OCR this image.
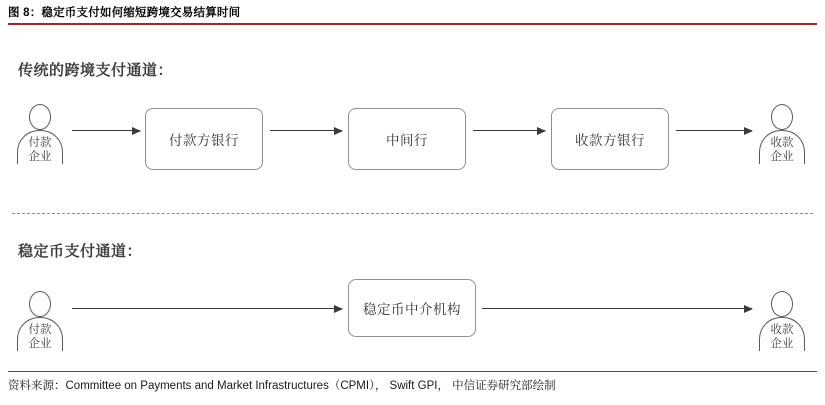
图 8：稳定币支付如何缩短跨境交易结算时间
传统的跨境支付通道：
付款
企业
付款方银行	中间行	收款方银行	收款
企业
稳定币支付通道：
付款
企业
稳定币中介机构
收款
企业
资料来源：Committee on Payments and Market Infrastructures（CPMI）， Swift GPI， 中信证券研究部绘制
